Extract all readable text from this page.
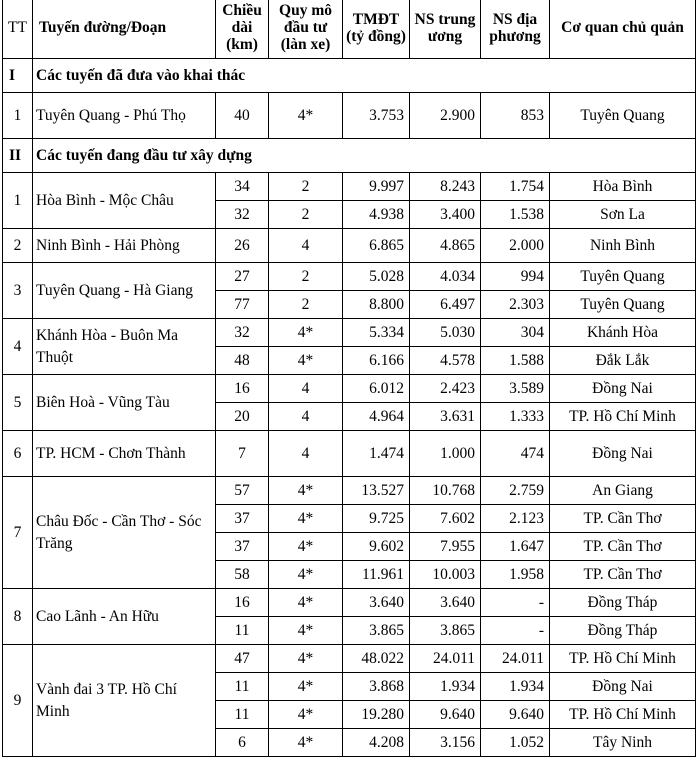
TT	Tuyến đường/Đoạn	Chiều dài (km)	Quy mô đầu tư (làn xe)	TMĐT (tỷ đồng)	NS trung ương	NS địa phương	Cơ quan chủ quản
I	Các tuyến đã đưa vào khai thác						
1	Tuyên Quang - Phú Thọ	40	4*	3.753	2.900	853	Tuyên Quang
II	Các tuyến đang đầu tư xây dựng						
1	Hòa Bình - Mộc Châu	34	2	9.997	8.243	1.754	Hòa Bình
		32	2	4.938	3.400	1.538	Sơn La
2	Ninh Bình - Hải Phòng	26	4	6.865	4.865	2.000	Ninh Bình
3	Tuyên Quang - Hà Giang	27	2	5.028	4.034	994	Tuyên Quang
		77	2	8.800	6.497	2.303	Tuyên Quang
4	Khánh Hòa - Buôn Ma Thuột	32	4*	5.334	5.030	304	Khánh Hòa
		48	4*	6.166	4.578	1.588	Đắk Lắk
5	Biên Hoà - Vũng Tàu	16	4	6.012	2.423	3.589	Đồng Nai
		20	4	4.964	3.631	1.333	TP. Hồ Chí Minh
6	TP. HCM - Chơn Thành	7	4	1.474	1.000	474	Đồng Nai
7	Châu Đốc - Cần Thơ - Sóc Trăng	57	4*	13.527	10.768	2.759	An Giang
		37	4*	9.725	7.602	2.123	TP. Cần Thơ
		37	4*	9.602	7.955	1.647	TP. Cần Thơ
		58	4*	11.961	10.003	1.958	TP. Cần Thơ
8	Cao Lãnh - An Hữu	16	4*	3.640	3.640	-	Đồng Tháp
		11	4*	3.865	3.865	-	Đồng Tháp
9	Vành đai 3 TP. Hồ Chí Minh	47	4*	48.022	24.011	24.011	TP. Hồ Chí Minh
		11	4*	3.868	1.934	1.934	Đồng Nai
		11	4*	19.280	9.640	9.640	TP. Hồ Chí Minh
		6	4*	4.208	3.156	1.052	Tây Ninh
